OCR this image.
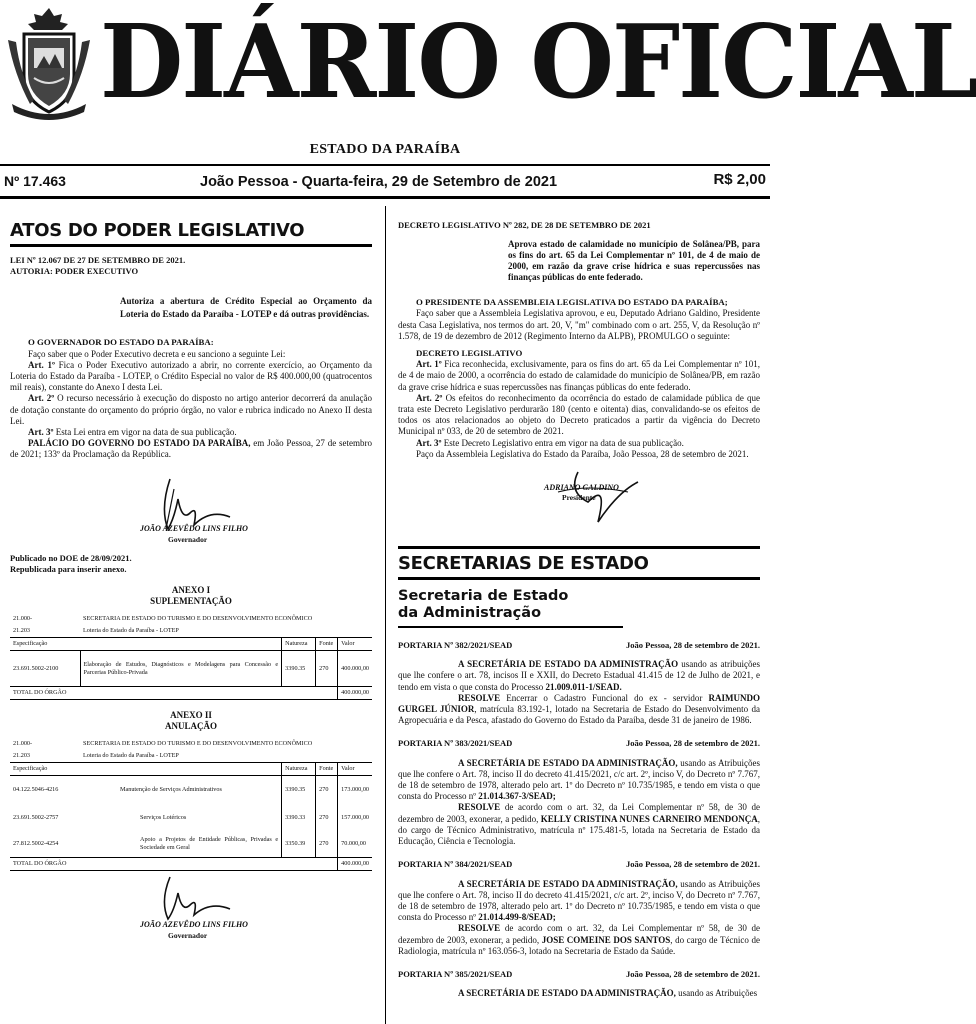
DIÁRIO OFICIAL
ESTADO DA PARAÍBA
Nº 17.463	João Pessoa - Quarta-feira, 29 de Setembro de 2021	R$ 2,00
ATOS DO PODER LEGISLATIVO
LEI Nº 12.067 DE 27 DE SETEMBRO DE 2021.
AUTORIA: PODER EXECUTIVO
Autoriza a abertura de Crédito Especial ao Orçamento da Loteria do Estado da Paraíba - LOTEP e dá outras providências.
O GOVERNADOR DO ESTADO DA PARAÍBA:
Faço saber que o Poder Executivo decreta e eu sanciono a seguinte Lei:
Art. 1º Fica o Poder Executivo autorizado a abrir, no corrente exercício, ao Orçamento da Loteria do Estado da Paraíba - LOTEP, o Crédito Especial no valor de R$ 400.000,00 (quatrocentos mil reais), constante do Anexo I desta Lei.
Art. 2º O recurso necessário à execução do disposto no artigo anterior decorrerá da anulação de dotação constante do orçamento do próprio órgão, no valor e rubrica indicado no Anexo II desta Lei.
Art. 3º Esta Lei entra em vigor na data de sua publicação.
PALÁCIO DO GOVERNO DO ESTADO DA PARAÍBA, em João Pessoa, 27 de setembro de 2021; 133º da Proclamação da República.
JOÃO AZEVÊDO LINS FILHO
Governador
Publicado no DOE de 28/09/2021.
Republicada para inserir anexo.
ANEXO I
SUPLEMENTAÇÃO
21.000-	SECRETARIA DE ESTADO DO TURISMO E DO DESENVOLVIMENTO ECONÔMICO			
21.203	Loteria do Estado da Paraíba - LOTEP			
Especificação		Natureza	Fonte	Valor
23.691.5002-2100	Elaboração de Estudos, Diagnósticos e Modelagens para Concessão e Parcerias Público-Privada	3390.35	270	400.000,00
TOTAL DO ÓRGÃO				400.000,00
ANEXO II
ANULAÇÃO
21.000-	SECRETARIA DE ESTADO DO TURISMO E DO DESENVOLVIMENTO ECONÔMICO			
21.203	Loteria do Estado da Paraíba - LOTEP			
Especificação		Natureza	Fonte	Valor
04.122.5046-4216	Manutenção de Serviços Administrativos	3390.35	270	173.000,00
23.691.5002-2757	Serviços Lotéricos	3390.33	270	157.000,00
27.812.5002-4254	Apoio a Projetos de Entidade Públicas, Privadas e Sociedade em Geral	3350.39	270	70.000,00
TOTAL DO ÓRGÃO				400.000,00
JOÃO AZEVÊDO LINS FILHO
Governador
DECRETO LEGISLATIVO Nº 282, DE 28 DE SETEMBRO DE 2021
Aprova estado de calamidade no município de Solânea/PB, para os fins do art. 65 da Lei Complementar nº 101, de 4 de maio de 2000, em razão da grave crise hídrica e suas repercussões nas finanças públicas do ente federado.
O PRESIDENTE DA ASSEMBLEIA LEGISLATIVA DO ESTADO DA PARAÍBA;
Faço saber que a Assembleia Legislativa aprovou, e eu, Deputado Adriano Galdino, Presidente desta Casa Legislativa, nos termos do art. 20, V, "m" combinado com o art. 255, V, da Resolução nº 1.578, de 19 de dezembro de 2012 (Regimento Interno da ALPB), PROMULGO o seguinte:
DECRETO LEGISLATIVO
Art. 1º Fica reconhecida, exclusivamente, para os fins do art. 65 da Lei Complementar nº 101, de 4 de maio de 2000, a ocorrência do estado de calamidade do município de Solânea/PB, em razão da grave crise hídrica e suas repercussões nas finanças públicas do ente federado.
Art. 2º Os efeitos do reconhecimento da ocorrência do estado de calamidade pública de que trata este Decreto Legislativo perdurarão 180 (cento e oitenta) dias, convalidando-se os efeitos de todos os atos relacionados ao objeto do Decreto praticados a partir da vigência do Decreto Municipal nº 033, de 20 de setembro de 2021.
Art. 3º Este Decreto Legislativo entra em vigor na data de sua publicação.
Paço da Assembleia Legislativa do Estado da Paraíba, João Pessoa, 28 de setembro de 2021.
ADRIANO GALDINO
Presidente
SECRETARIAS DE ESTADO
Secretaria de Estado
da Administração
PORTARIA Nº 382/2021/SEAD	João Pessoa, 28 de setembro de 2021.
A SECRETÁRIA DE ESTADO DA ADMINISTRAÇÃO usando as atribuições que lhe confere o art. 78, incisos II e XXII, do Decreto Estadual 41.415 de 12 de Julho de 2021, e tendo em vista o que consta do Processo 21.009.011-1/SEAD.
RESOLVE Encerrar o Cadastro Funcional do ex - servidor RAIMUNDO GURGEL JÚNIOR, matrícula 83.192-1, lotado na Secretaria de Estado do Desenvolvimento da Agropecuária e da Pesca, afastado do Governo do Estado da Paraíba, desde 31 de janeiro de 1986.
PORTARIA Nº 383/2021/SEAD	João Pessoa, 28 de setembro de 2021.
A SECRETÁRIA DE ESTADO DA ADMINISTRAÇÃO, usando as Atribuições que lhe confere o Art. 78, inciso II do decreto 41.415/2021, c/c art. 2º, inciso V, do Decreto nº 7.767, de 18 de setembro de 1978, alterado pelo art. 1º do Decreto nº 10.735/1985, e tendo em vista o que consta do Processo nº 21.014.367-3/SEAD;
RESOLVE de acordo com o art. 32, da Lei Complementar nº 58, de 30 de dezembro de 2003, exonerar, a pedido, KELLY CRISTINA NUNES CARNEIRO MENDONÇA, do cargo de Técnico Administrativo, matrícula nº 175.481-5, lotada na Secretaria de Estado da Educação, Ciência e Tecnologia.
PORTARIA Nº 384/2021/SEAD	João Pessoa, 28 de setembro de 2021.
A SECRETÁRIA DE ESTADO DA ADMINISTRAÇÃO, usando as Atribuições que lhe confere o Art. 78, inciso II do decreto 41.415/2021, c/c art. 2º, inciso V, do Decreto nº 7.767, de 18 de setembro de 1978, alterado pelo art. 1º do Decreto nº 10.735/1985, e tendo em vista o que consta do Processo nº 21.014.499-8/SEAD;
RESOLVE de acordo com o art. 32, da Lei Complementar nº 58, de 30 de dezembro de 2003, exonerar, a pedido, JOSE COMEINE DOS SANTOS, do cargo de Técnico de Radiologia, matrícula nº 163.056-3, lotado na Secretaria de Estado da Saúde.
PORTARIA Nº 385/2021/SEAD	João Pessoa, 28 de setembro de 2021.
A SECRETÁRIA DE ESTADO DA ADMINISTRAÇÃO, usando as Atribuições
